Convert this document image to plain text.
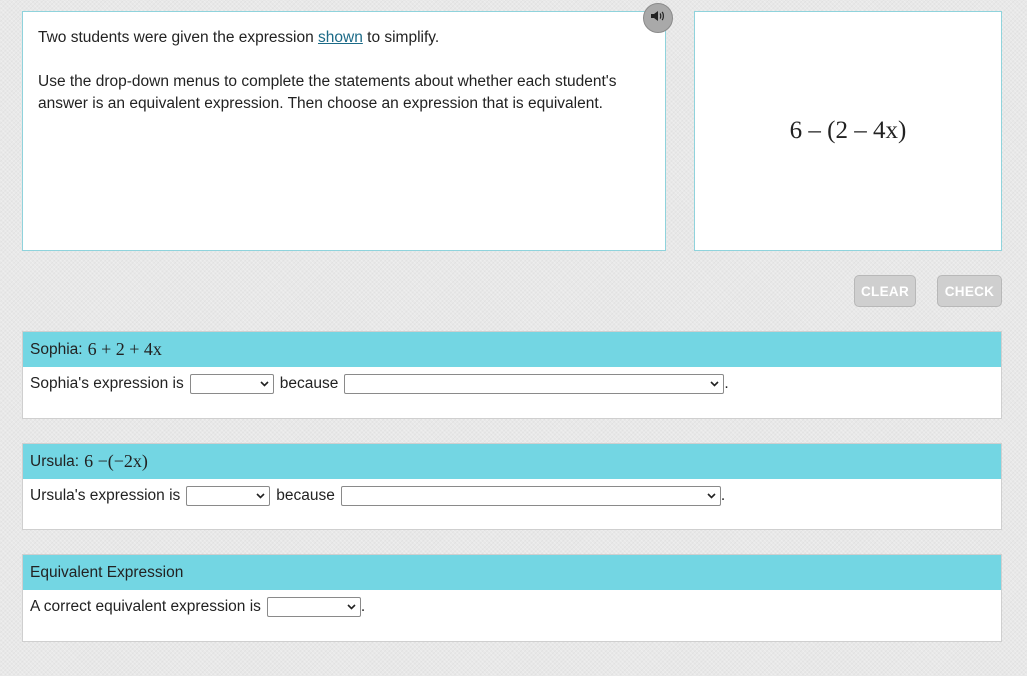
Two students were given the expression shown to simplify.

Use the drop-down menus to complete the statements about whether each student's answer is an equivalent expression. Then choose an expression that is equivalent.

6 – (2 – 4x)
CLEAR	CHECK
Sophia: 6 + 2 + 4x
Sophia's expression is	because	.
Ursula: 6 −(−2x)
Ursula's expression is	because	.
Equivalent Expression
A correct equivalent expression is	.
